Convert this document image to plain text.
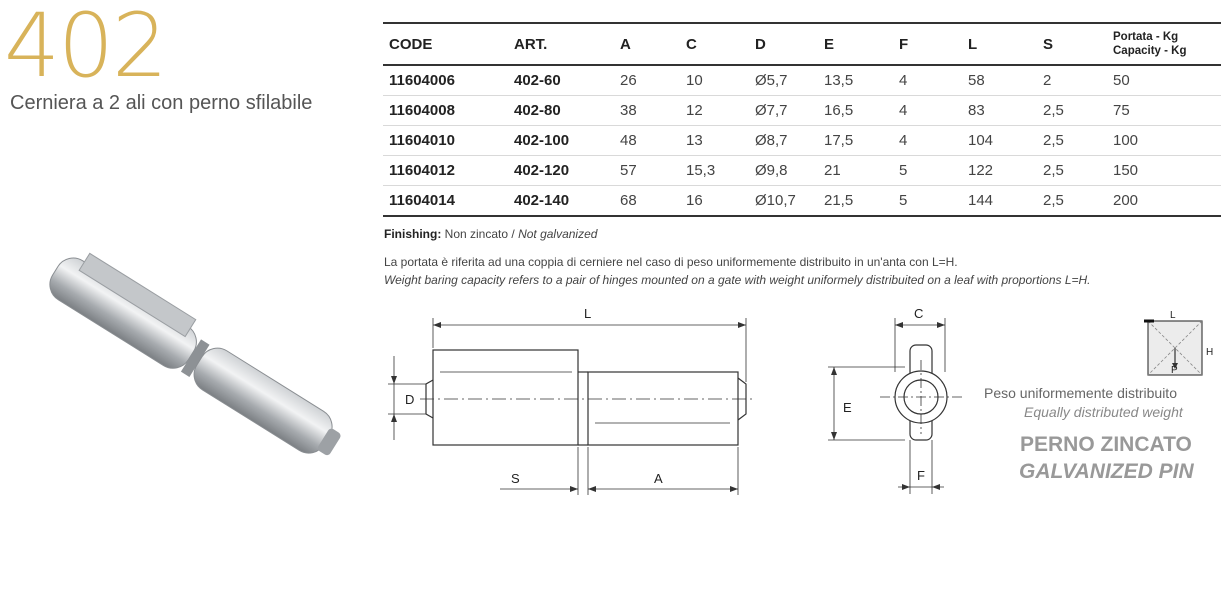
402
Cerniera a 2 ali con perno sfilabile
CODE	ART.	A	C	D	E	F	L	S	Portata - Kg
Capacity - Kg

11604006	402-60	26	10	Ø5,7	13,5	4	58	2	50
11604008	402-80	38	12	Ø7,7	16,5	4	83	2,5	75
11604010	402-100	48	13	Ø8,7	17,5	4	104	2,5	100
11604012	402-120	57	15,3	Ø9,8	21	5	122	2,5	150
11604014	402-140	68	16	Ø10,7	21,5	5	144	2,5	200
Finishing: Non zincato / Not galvanized
La portata è riferita ad una coppia di cerniere nel caso di peso uniformemente distribuito in un'anta con L=H.
Weight baring capacity refers to a pair of hinges mounted on a gate with weight uniformely distribuited on a leaf with proportions L=H.
L
D
S	A
C
E
F
L
H
P
Peso uniformemente distribuito
Equally distributed weight
PERNO ZINCATO
GALVANIZED PIN
